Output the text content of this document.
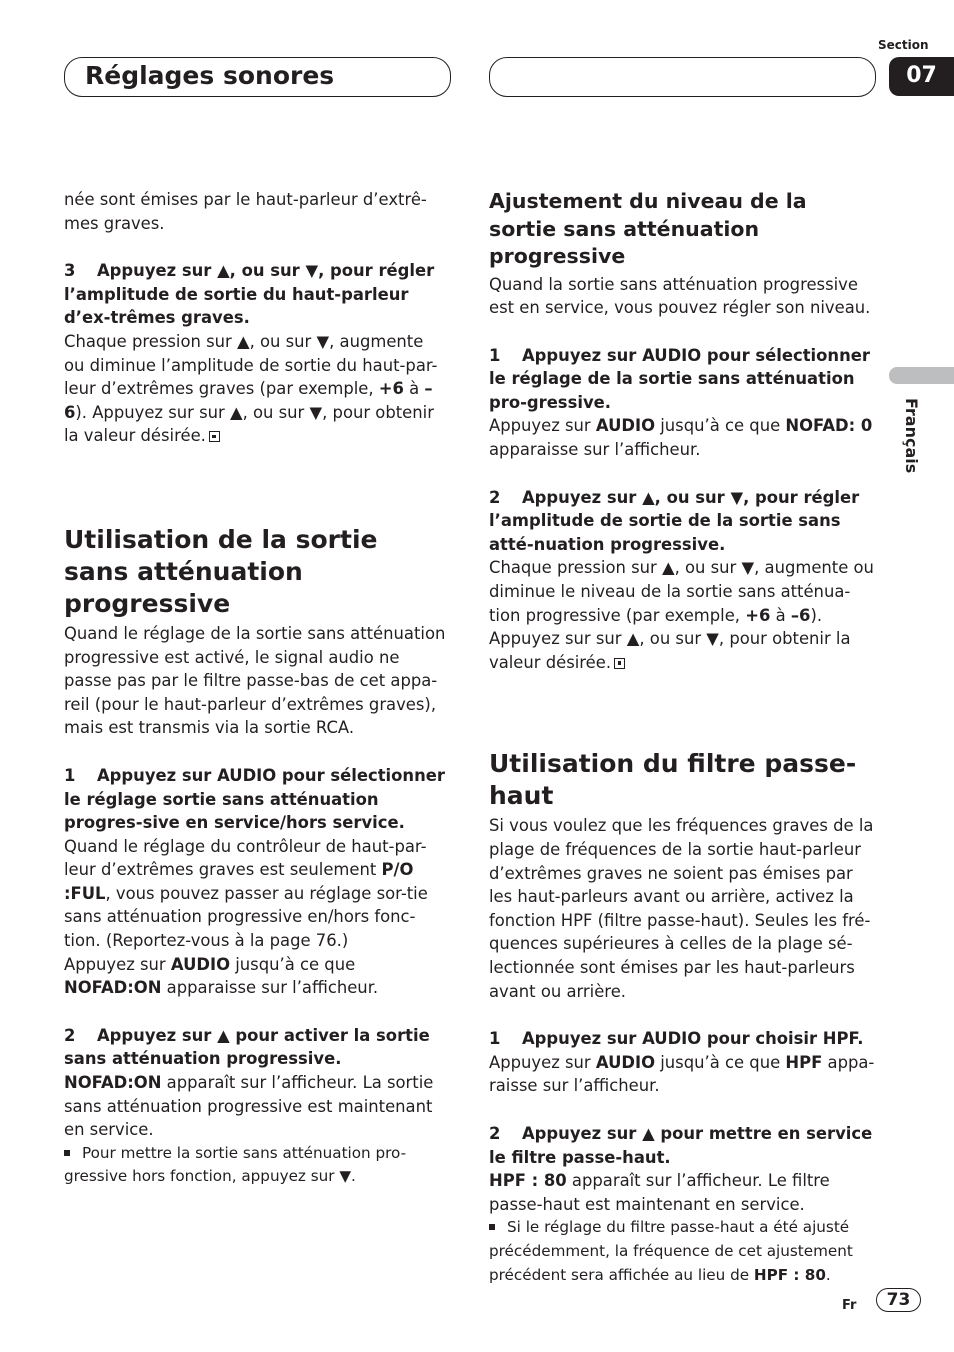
Réglages sonores
Section
07
Français

née sont émises par le haut-parleur d’extrê-mes graves.

3 Appuyez sur ▲, ou sur ▼, pour régler l’amplitude de sortie du haut-parleur d’ex-trêmes graves.

Chaque pression sur ▲, ou sur ▼, augmente ou diminue l’amplitude de sortie du haut-par-leur d’extrêmes graves (par exemple, +6 à –6). Appuyez sur sur ▲, ou sur ▼, pour obtenir la valeur désirée.

Utilisation de la sortie sans atténuation progressive

Quand le réglage de la sortie sans atténuation progressive est activé, le signal audio ne passe pas par le filtre passe-bas de cet appa-reil (pour le haut-parleur d’extrêmes graves), mais est transmis via la sortie RCA.

1 Appuyez sur AUDIO pour sélectionner le réglage sortie sans atténuation progres-sive en service/hors service.

Quand le réglage du contrôleur de haut-par-leur d’extrêmes graves est seulement P/O :FUL, vous pouvez passer au réglage sor-tie sans atténuation progressive en/hors fonc-tion. (Reportez-vous à la page 76.)

Appuyez sur AUDIO jusqu’à ce que NOFAD:ON apparaisse sur l’afficheur.

2 Appuyez sur ▲ pour activer la sortie sans atténuation progressive.

NOFAD:ON apparaît sur l’afficheur. La sortie sans atténuation progressive est maintenant en service.

Pour mettre la sortie sans atténuation pro-gressive hors fonction, appuyez sur ▼.

Ajustement du niveau de la sortie sans atténuation progressive

Quand la sortie sans atténuation progressive est en service, vous pouvez régler son niveau.

1 Appuyez sur AUDIO pour sélectionner le réglage de la sortie sans atténuation pro-gressive.

Appuyez sur AUDIO jusqu’à ce que NOFAD: 0 apparaisse sur l’afficheur.

2 Appuyez sur ▲, ou sur ▼, pour régler l’amplitude de sortie de la sortie sans atté-nuation progressive.

Chaque pression sur ▲, ou sur ▼, augmente ou diminue le niveau de la sortie sans atténua-tion progressive (par exemple, +6 à –6). Appuyez sur sur ▲, ou sur ▼, pour obtenir la valeur désirée.

Utilisation du filtre passe-haut

Si vous voulez que les fréquences graves de la plage de fréquences de la sortie haut-parleur d’extrêmes graves ne soient pas émises par les haut-parleurs avant ou arrière, activez la fonction HPF (filtre passe-haut). Seules les fré-quences supérieures à celles de la plage sé-lectionnée sont émises par les haut-parleurs avant ou arrière.

1 Appuyez sur AUDIO pour choisir HPF.

Appuyez sur AUDIO jusqu’à ce que HPF appa-raisse sur l’afficheur.

2 Appuyez sur ▲ pour mettre en service le filtre passe-haut.

HPF : 80 apparaît sur l’afficheur. Le filtre passe-haut est maintenant en service.

Si le réglage du filtre passe-haut a été ajusté précédemment, la fréquence de cet ajustement précédent sera affichée au lieu de HPF : 80.

Fr	73
